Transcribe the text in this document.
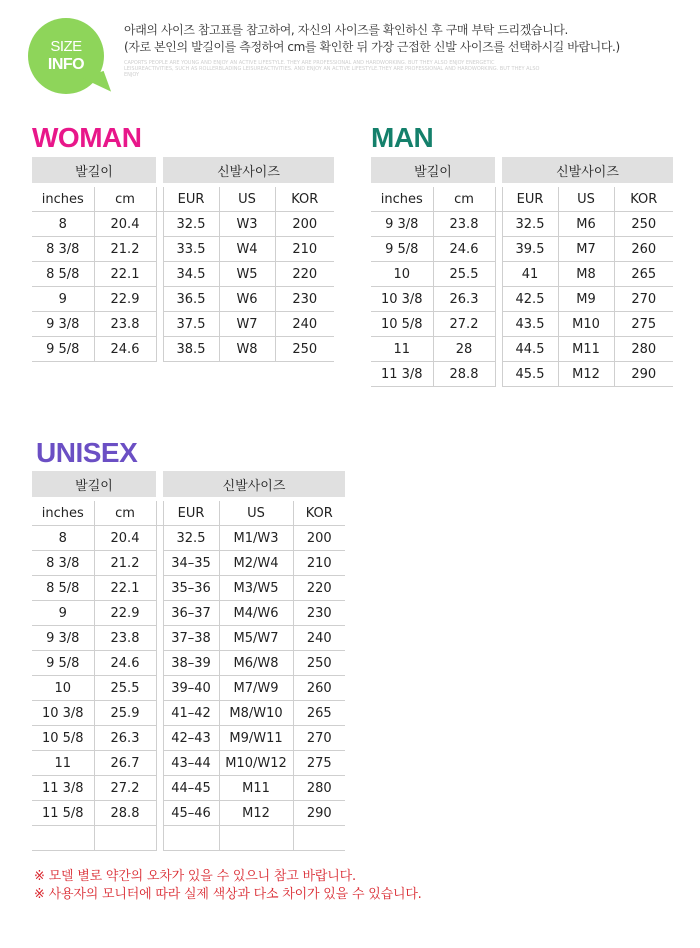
SIZE
INFO
아래의 사이즈 참고표를 참고하여, 자신의 사이즈를 확인하신 후 구매 부탁 드리겠습니다.
(자로 본인의 발길이를 측정하여 cm를 확인한 뒤 가장 근접한 신발 사이즈를 선택하시길 바랍니다.)
CAPORTS PEOPLE ARE YOUNG AND ENJOY AN ACTIVE LIFESTYLE. THEY ARE PROFESSIONAL AND HARDWORKING. BUT THEY ALSO ENJOY ENERGETIC LEISUREACTIVITIES, SUCH AS ROLLERBLADING LEISUREACTIVITIES. AND ENJOY AN ACTIVE LIFESTYLE.THEY ARE PROFESSIONAL AND HARDWORKING. BUT THEY ALSO ENJOY
WOMAN
발길이			신발사이즈		

inches	cm		EUR	US	KOR
8	20.4		32.5	W3	200
8 3/8	21.2		33.5	W4	210
8 5/8	22.1		34.5	W5	220
9	22.9		36.5	W6	230
9 3/8	23.8		37.5	W7	240
9 5/8	24.6		38.5	W8	250
MAN
발길이			신발사이즈		

inches	cm		EUR	US	KOR
9 3/8	23.8		32.5	M6	250
9 5/8	24.6		39.5	M7	260
10	25.5		41	M8	265
10 3/8	26.3		42.5	M9	270
10 5/8	27.2		43.5	M10	275
11	28		44.5	M11	280
11 3/8	28.8		45.5	M12	290
UNISEX
발길이			신발사이즈		

inches	cm		EUR	US	KOR
8	20.4		32.5	M1/W3	200
8 3/8	21.2		34–35	M2/W4	210
8 5/8	22.1		35–36	M3/W5	220
9	22.9		36–37	M4/W6	230
9 3/8	23.8		37–38	M5/W7	240
9 5/8	24.6		38–39	M6/W8	250
10	25.5		39–40	M7/W9	260
10 3/8	25.9		41–42	M8/W10	265
10 5/8	26.3		42–43	M9/W11	270
11	26.7		43–44	M10/W12	275
11 3/8	27.2		44–45	M11	280
11 5/8	28.8		45–46	M12	290

※ 모델 별로 약간의 오차가 있을 수 있으니 참고 바랍니다.
※ 사용자의 모니터에 따라 실제 색상과 다소 차이가 있을 수 있습니다.
